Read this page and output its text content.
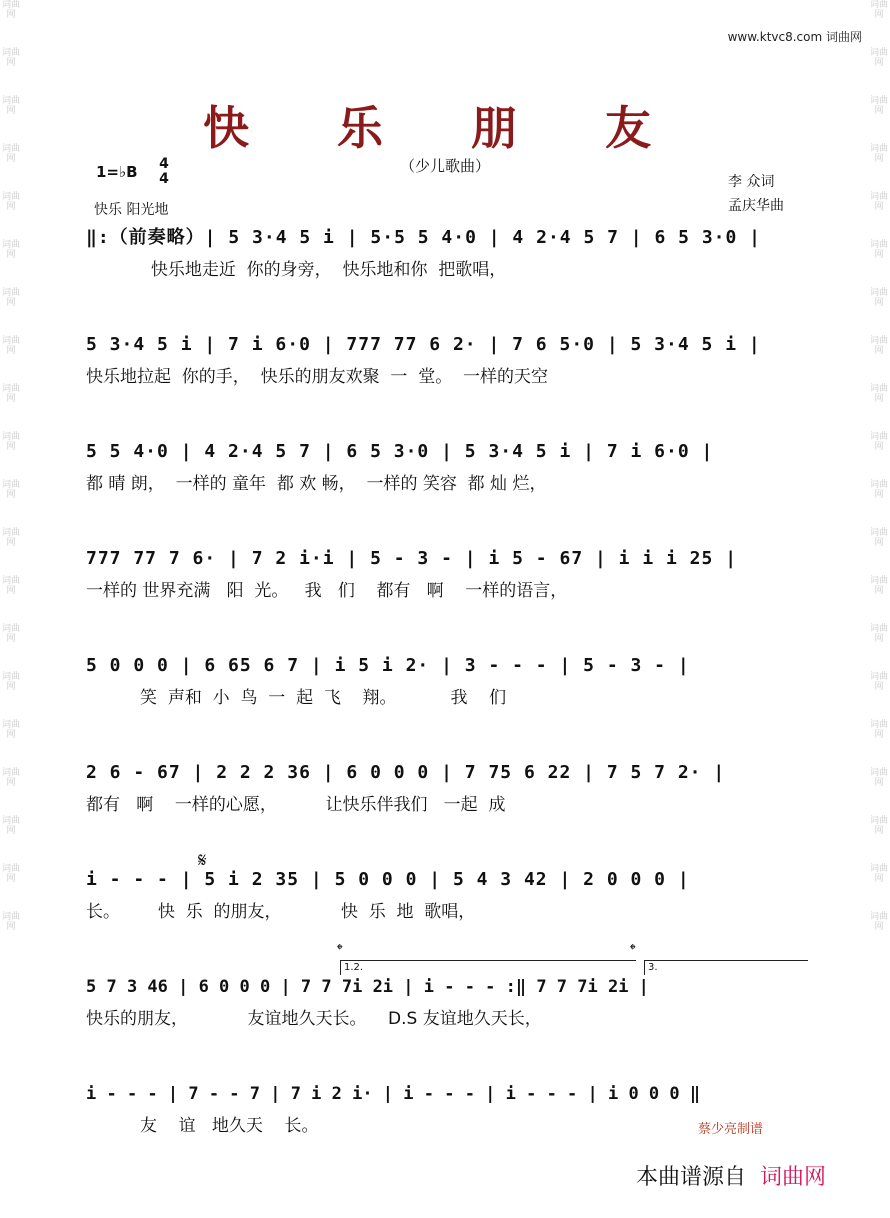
词曲网
词曲网
词曲网
词曲网
词曲网
词曲网
词曲网
词曲网
词曲网
词曲网
词曲网
词曲网
词曲网
词曲网
词曲网
词曲网
词曲网
词曲网
词曲网
词曲网
词曲网
词曲网
词曲网
词曲网
词曲网
词曲网
词曲网
词曲网
词曲网
词曲网
词曲网
词曲网
词曲网
词曲网
词曲网
词曲网
词曲网
词曲网
词曲网
词曲网
www.ktvc8.com 词曲网
快 乐 朋 友
（少儿歌曲）
1=♭B 4
4
快乐 阳光地
李 众词
孟庆华曲
‖:（前奏略）| 5 3·4 5 i | 5·5 5 4·0 | 4 2·4 5 7 | 6 5 3·0 |
快乐地走近  你的身旁，  快乐地和你  把歌唱，
5 3·4 5 i | 7 i 6·0 | 777 77 6 2· | 7 6 5·0 | 5 3·4 5 i |
快乐地拉起  你的手，  快乐的朋友欢聚  一  堂。  一样的天空
5 5 4·0 | 4 2·4 5 7 | 6 5 3·0 | 5 3·4 5 i | 7 i 6·0 |
都 晴 朗，  一样的 童年  都 欢 畅，  一样的 笑容  都 灿 烂，
777 77 7 6· | 7 2 i·i | 5 - 3 - | i 5 - 67 | i i i 25 |
一样的 世界充满   阳  光。   我   们    都有   啊    一样的语言，
5 0 0 0 | 6 65 6 7 | i 5 i 2· | 3 - - - | 5 - 3 - |
笑  声和  小  鸟  一  起  飞    翔。          我    们
2 6 - 67 | 2 2 2 36 | 6 0 0 0 | 7 75 6 22 | 7 5 7 2· |
都有   啊    一样的心愿，         让快乐伴我们   一起  成
𝄋
i - - - | 5 i 2 35 | 5 0 0 0 | 5 4 3 42 | 2 0 0 0 |
长。       快  乐  的朋友，           快  乐  地  歌唱，
𝄌	𝄌
1.2.	3.
5 7 3 46 | 6 0 0 0 | 7 7 7i 2i | i - - - :‖ 7 7 7i 2i |
快乐的朋友，           友谊地久天长。    D.S 友谊地久天长，
i - - - | 7 - - 7 | 7 i 2 i· | i - - - | i - - - | i 0 0 0 ‖
友    谊   地久天    长。	蔡少亮制谱
本曲谱源自 词曲网
